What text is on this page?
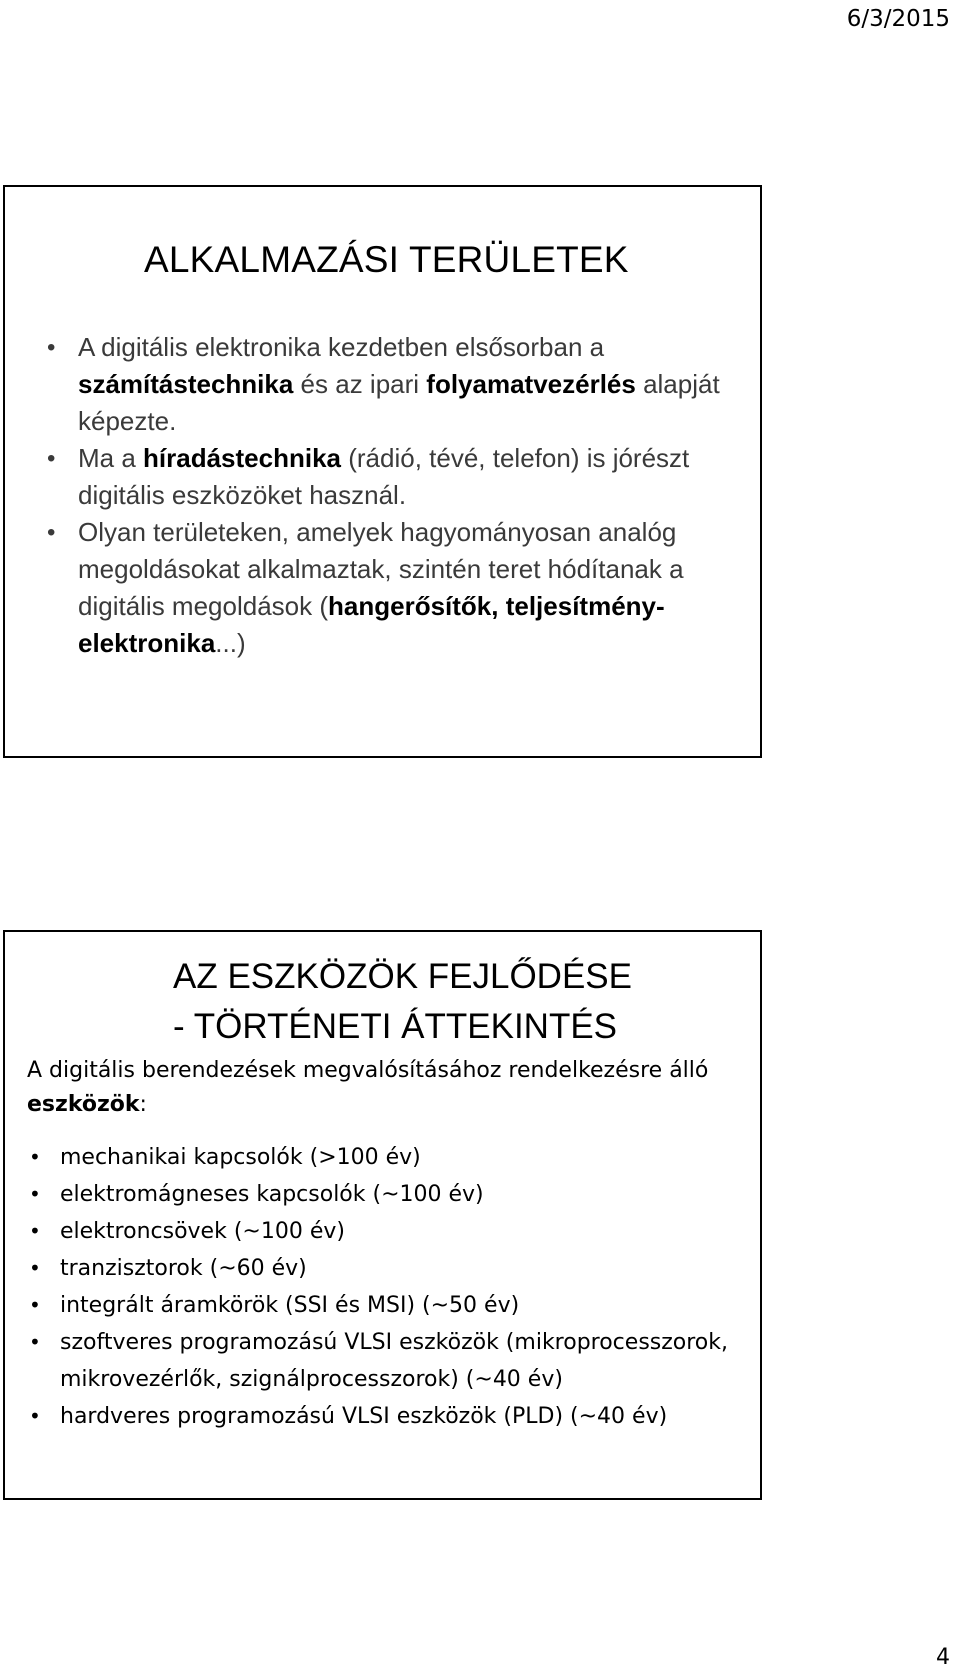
6/3/2015
ALKALMAZÁSI TERÜLETEK
• A digitális elektronika kezdetben elsősorban a számítástechnika és az ipari folyamatvezérlés alapját képezte.
• Ma a híradástechnika (rádió, tévé, telefon) is jórészt digitális eszközöket használ.
• Olyan területeken, amelyek hagyományosan analóg megoldásokat alkalmaztak, szintén teret hódítanak a digitális megoldások (hangerősítők, teljesítmény-elektronika...)
AZ ESZKÖZÖK FEJLŐDÉSE
- TÖRTÉNETI ÁTTEKINTÉS
A digitális berendezések megvalósításához rendelkezésre álló eszközök:
• mechanikai kapcsolók (>100 év)
• elektromágneses kapcsolók (~100 év)
• elektroncsövek (~100 év)
• tranzisztorok (~60 év)
• integrált áramkörök (SSI és MSI) (~50 év)
• szoftveres programozású VLSI eszközök (mikroprocesszorok, mikrovezérlők, szignálprocesszorok) (~40 év)
• hardveres programozású VLSI eszközök (PLD) (~40 év)
4
